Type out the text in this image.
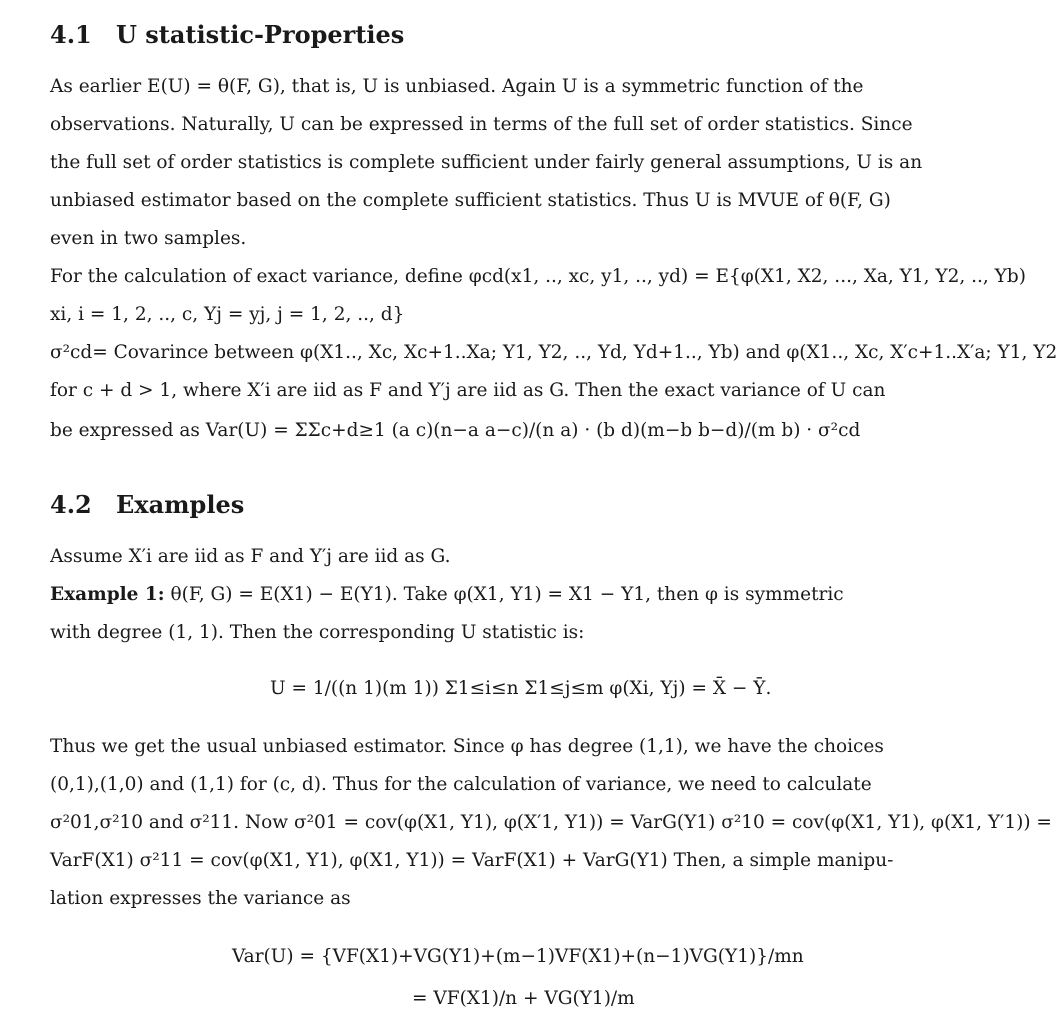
4.1 U statistic-Properties
As earlier E(U) = θ(F, G), that is, U is unbiased. Again U is a symmetric function of the
observations. Naturally, U can be expressed in terms of the full set of order statistics. Since
the full set of order statistics is complete sufficient under fairly general assumptions, U is an
unbiased estimator based on the complete sufficient statistics. Thus U is MVUE of θ(F, G)
even in two samples.
For the calculation of exact variance, define φcd(x1, .., xc, y1, .., yd) = E{φ(X1, X2, ..., Xa, Y1, Y2, .., Yb)
xi, i = 1, 2, .., c, Yj = yj, j = 1, 2, .., d}
σ²cd= Covarince between φ(X1.., Xc, Xc+1..Xa; Y1, Y2, .., Yd, Yd+1.., Yb) and φ(X1.., Xc, X′c+1..X′a; Y1, Y2
for c + d > 1, where X′i are iid as F and Y′j are iid as G. Then the exact variance of U can
be expressed as Var(U) = ΣΣc+d≥1 (a c)(n−a a−c)/(n a) · (b d)(m−b b−d)/(m b) · σ²cd
4.2 Examples
Assume X′i are iid as F and Y′j are iid as G.
Example 1: θ(F, G) = E(X1) − E(Y1). Take φ(X1, Y1) = X1 − Y1, then φ is symmetric
with degree (1, 1). Then the corresponding U statistic is:
U = 1/((n 1)(m 1)) Σ1≤i≤n Σ1≤j≤m φ(Xi, Yj) = X̄ − Ȳ.
Thus we get the usual unbiased estimator. Since φ has degree (1,1), we have the choices
(0,1),(1,0) and (1,1) for (c, d). Thus for the calculation of variance, we need to calculate
σ²01,σ²10 and σ²11. Now σ²01 = cov(φ(X1, Y1), φ(X′1, Y1)) = VarG(Y1) σ²10 = cov(φ(X1, Y1), φ(X1, Y′1)) =
VarF(X1) σ²11 = cov(φ(X1, Y1), φ(X1, Y1)) = VarF(X1) + VarG(Y1) Then, a simple manipu-
lation expresses the variance as
Var(U) = {VF(X1)+VG(Y1)+(m−1)VF(X1)+(n−1)VG(Y1)}/mn
= VF(X1)/n + VG(Y1)/m
